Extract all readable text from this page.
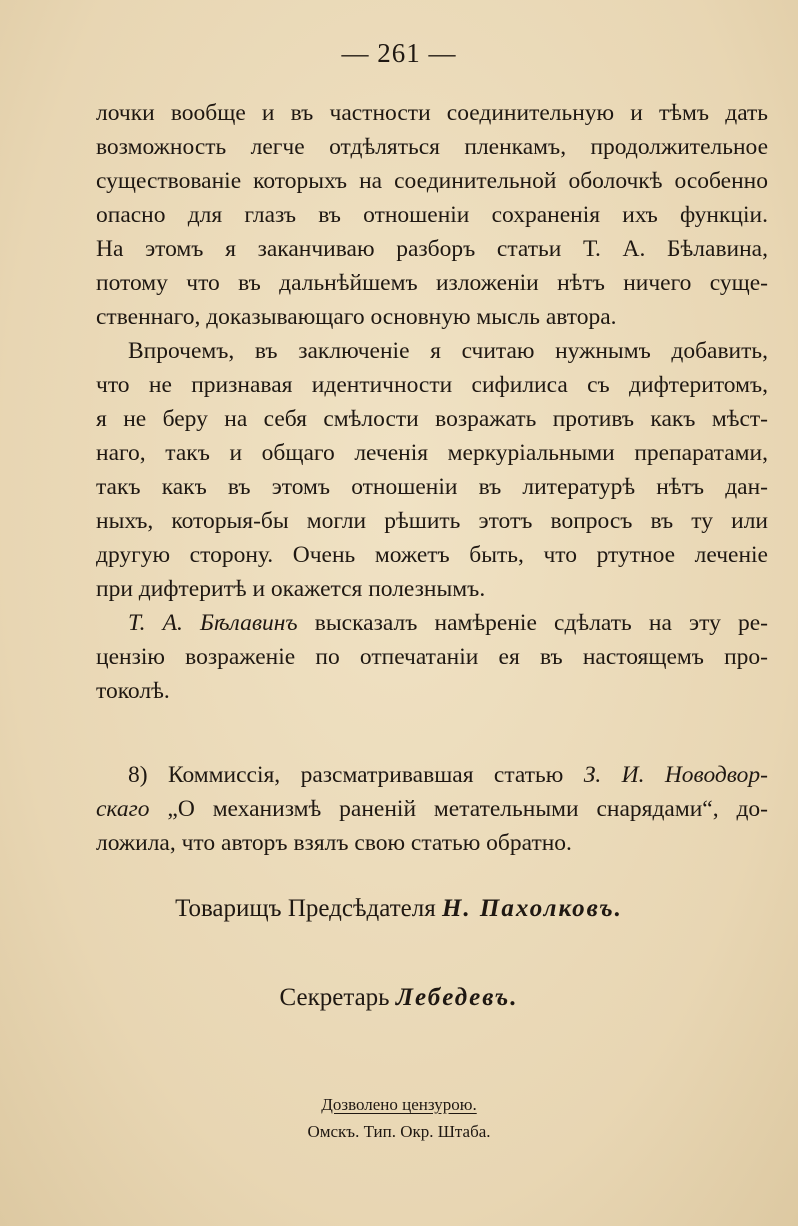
— 261 —
лочки вообще и въ частности соединительную и тѣмъ дать
возможность легче отдѣляться пленкамъ, продолжительное
существованіе которыхъ на соединительной оболочкѣ особенно
опасно для глазъ въ отношеніи сохраненія ихъ функціи.
На этомъ я заканчиваю разборъ статьи Т. А. Бѣлавина,
потому что въ дальнѣйшемъ изложеніи нѣтъ ничего суще-
ственнаго, доказывающаго основную мысль автора.
Впрочемъ, въ заключеніе я считаю нужнымъ добавить,
что не признавая идентичности сифилиса съ дифтеритомъ,
я не беру на себя смѣлости возражать противъ какъ мѣст-
наго, такъ и общаго леченія меркуріальными препаратами,
такъ какъ въ этомъ отношеніи въ литературѣ нѣтъ дан-
ныхъ, которыя-бы могли рѣшить этотъ вопросъ въ ту или
другую сторону. Очень можетъ быть, что ртутное леченіе
при дифтеритѣ и окажется полезнымъ.
Т. А. Бѣлавинъ высказалъ намѣреніе сдѣлать на эту ре-
цензію возраженіе по отпечатаніи ея въ настоящемъ про-
токолѣ.
8) Коммиссія, разсматривавшая статью З. И. Новодвор-
скаго „О механизмѣ раненій метательными снарядами“, до-
ложила, что авторъ взялъ свою статью обратно.
Товарищъ Предсѣдателя Н. Пахолковъ.
Секретарь Лебедевъ.
Дозволено цензурою.
Омскъ. Тип. Окр. Штаба.
